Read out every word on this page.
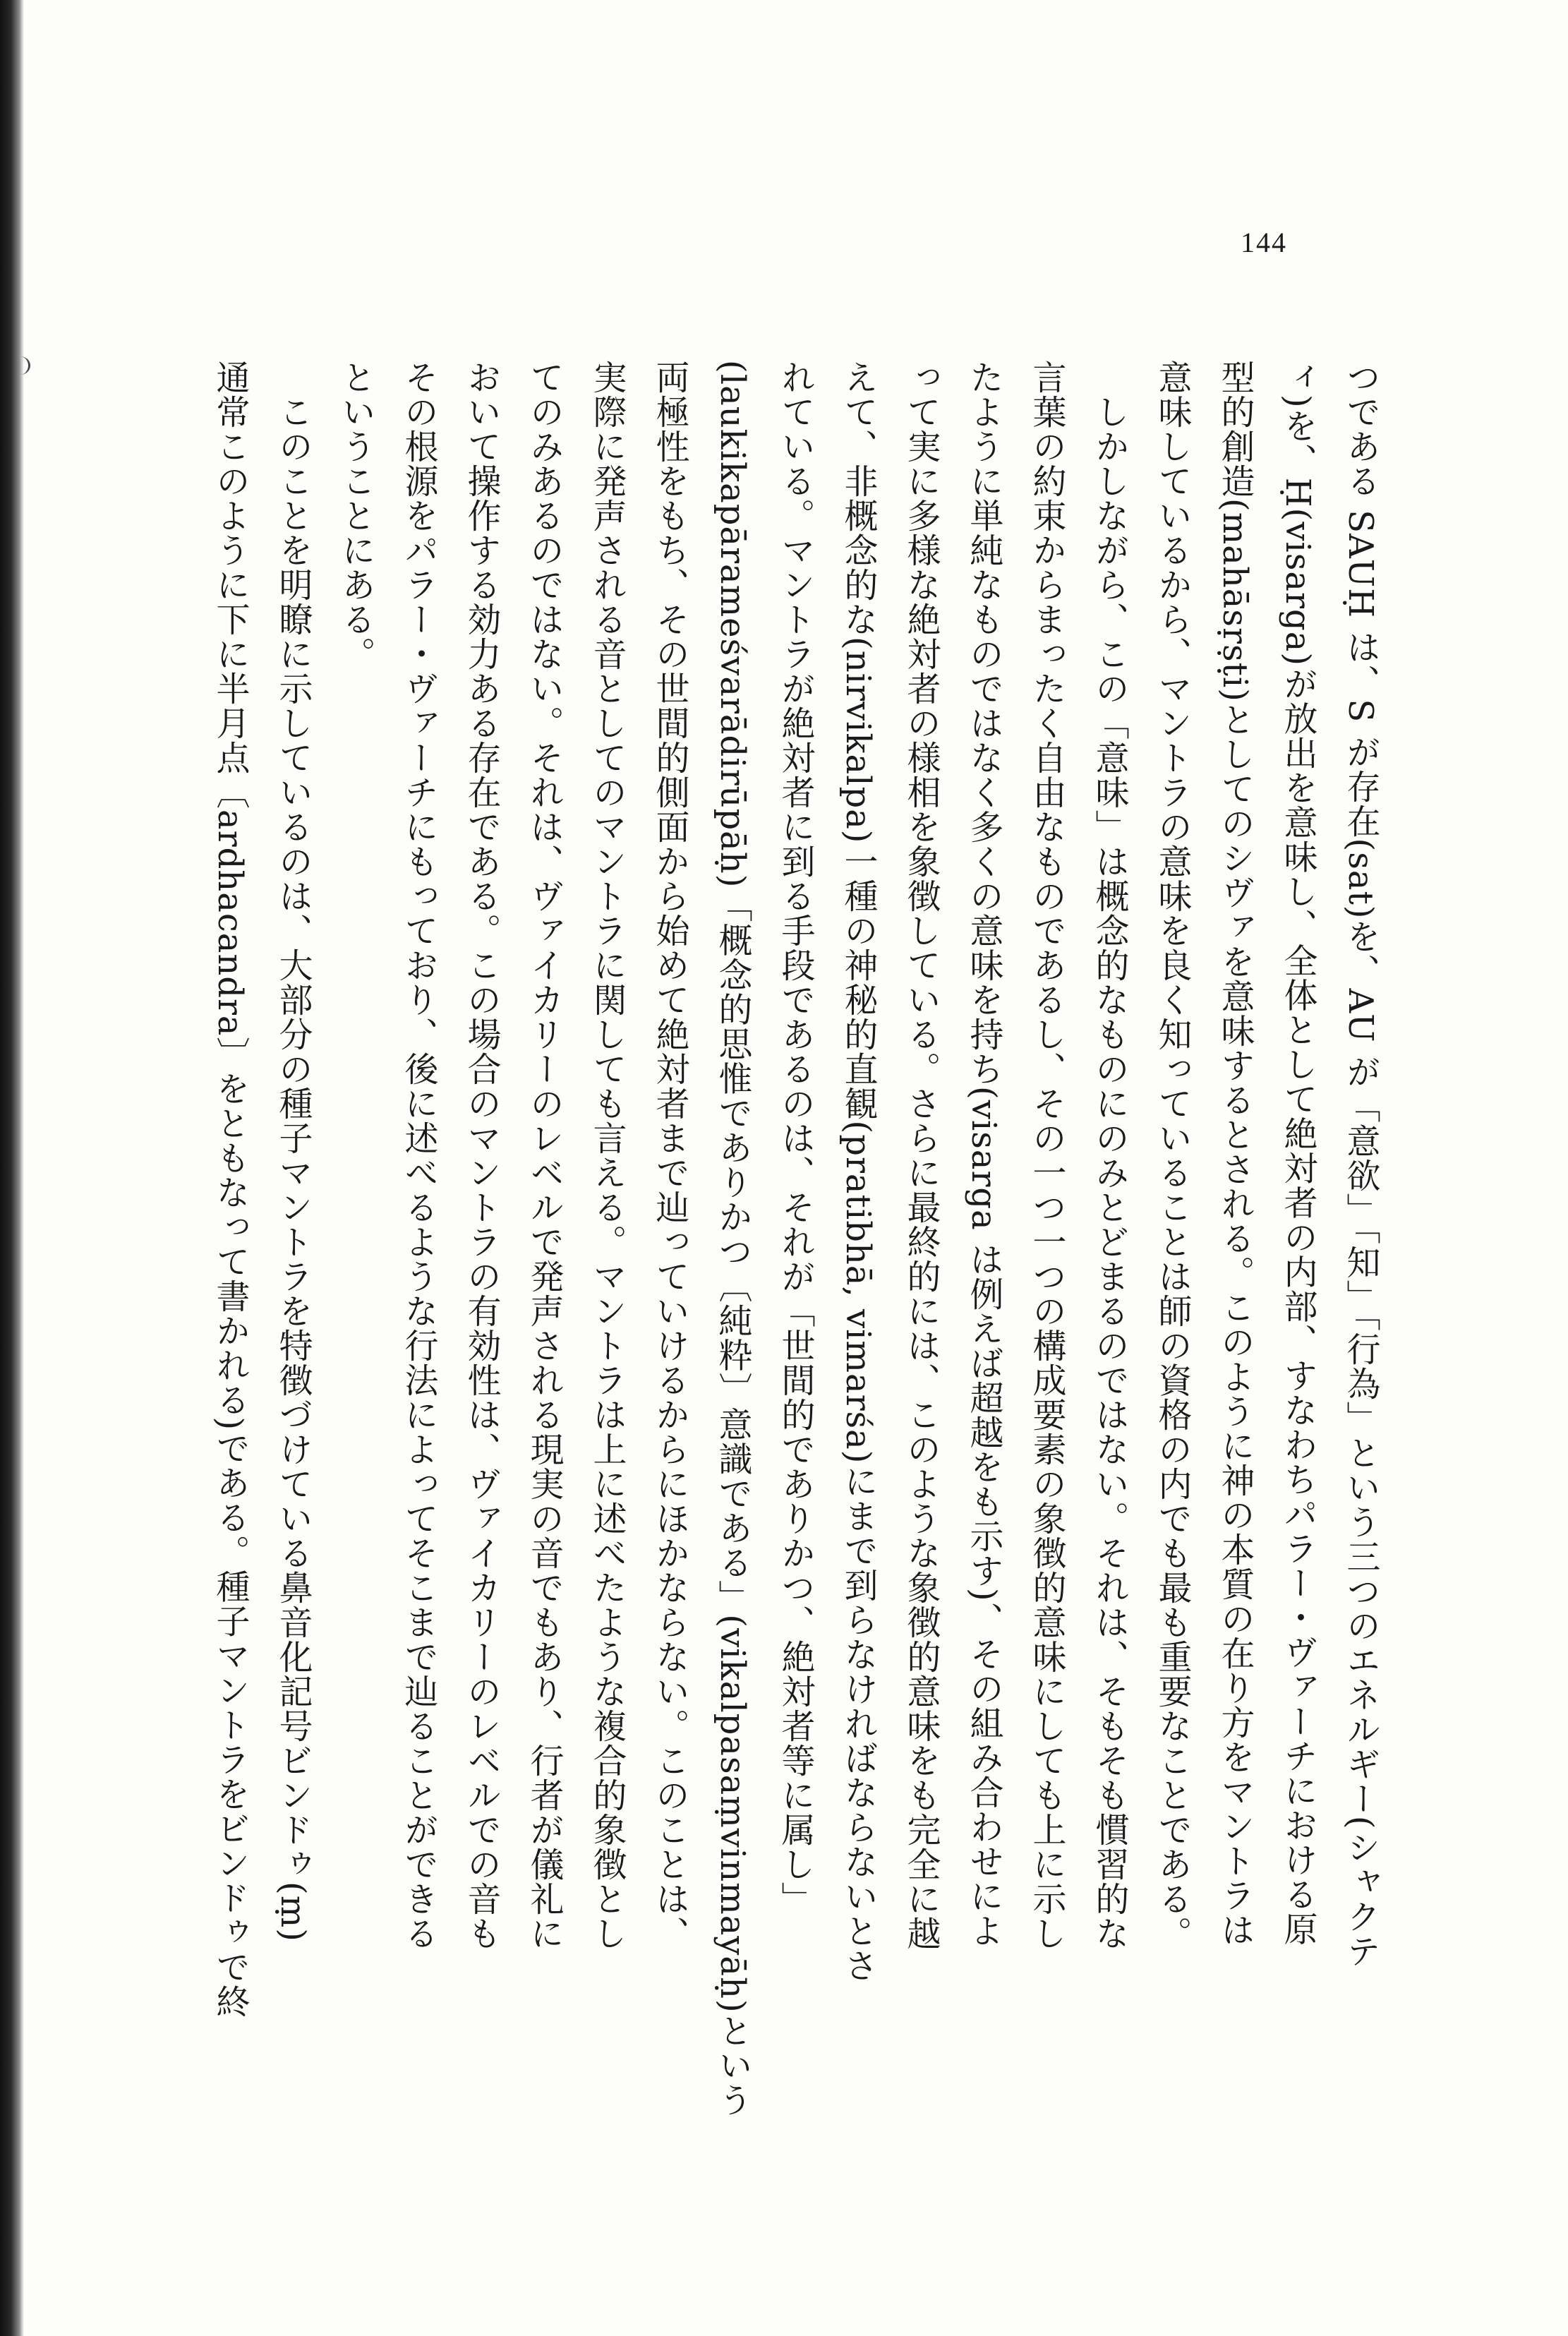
144
つである SAUḤ は、S が存在(sat)を、AU が「意欲」「知」「行為」という三つのエネルギー(シャクテ
ィ)を、Ḥ(visarga)が放出を意味し、全体として絶対者の内部、すなわちパラー・ヴァーチにおける原
型的創造(mahāsṛṣṭi)としてのシヴァを意味するとされる。このように神の本質の在り方をマントラは
意味しているから、マントラの意味を良く知っていることは師の資格の内でも最も重要なことである。
　しかしながら、この「意味」は概念的なものにのみとどまるのではない。それは、そもそも慣習的な
言葉の約束からまったく自由なものであるし、その一つ一つの構成要素の象徴的意味にしても上に示し
たように単純なものではなく多くの意味を持ち(visarga は例えば超越をも示す)、その組み合わせによ
って実に多様な絶対者の様相を象徴している。さらに最終的には、このような象徴的意味をも完全に越
えて、非概念的な(nirvikalpa)一種の神秘的直観(pratibhā, vimarśa)にまで到らなければならないとさ
れている。マントラが絶対者に到る手段であるのは、それが「世間的でありかつ、絶対者等に属し」
(laukikapārameśvarādirūpāḥ)「概念的思惟でありかつ〔純粋〕意識である」(vikalpasaṃvinmayāḥ)という
両極性をもち、その世間的側面から始めて絶対者まで辿っていけるからにほかならない。このことは、
実際に発声される音としてのマントラに関しても言える。マントラは上に述べたような複合的象徴とし
てのみあるのではない。それは、ヴァイカリーのレベルで発声される現実の音でもあり、行者が儀礼に
おいて操作する効力ある存在である。この場合のマントラの有効性は、ヴァイカリーのレベルでの音も
その根源をパラー・ヴァーチにもっており、後に述べるような行法によってそこまで辿ることができる
ということにある。
　このことを明瞭に示しているのは、大部分の種子マントラを特徴づけている鼻音化記号ビンドゥ(ṃ)
通常このように下に半月点〔ardhacandra〕をともなって書かれる)である。種子マントラをビンドゥで終
